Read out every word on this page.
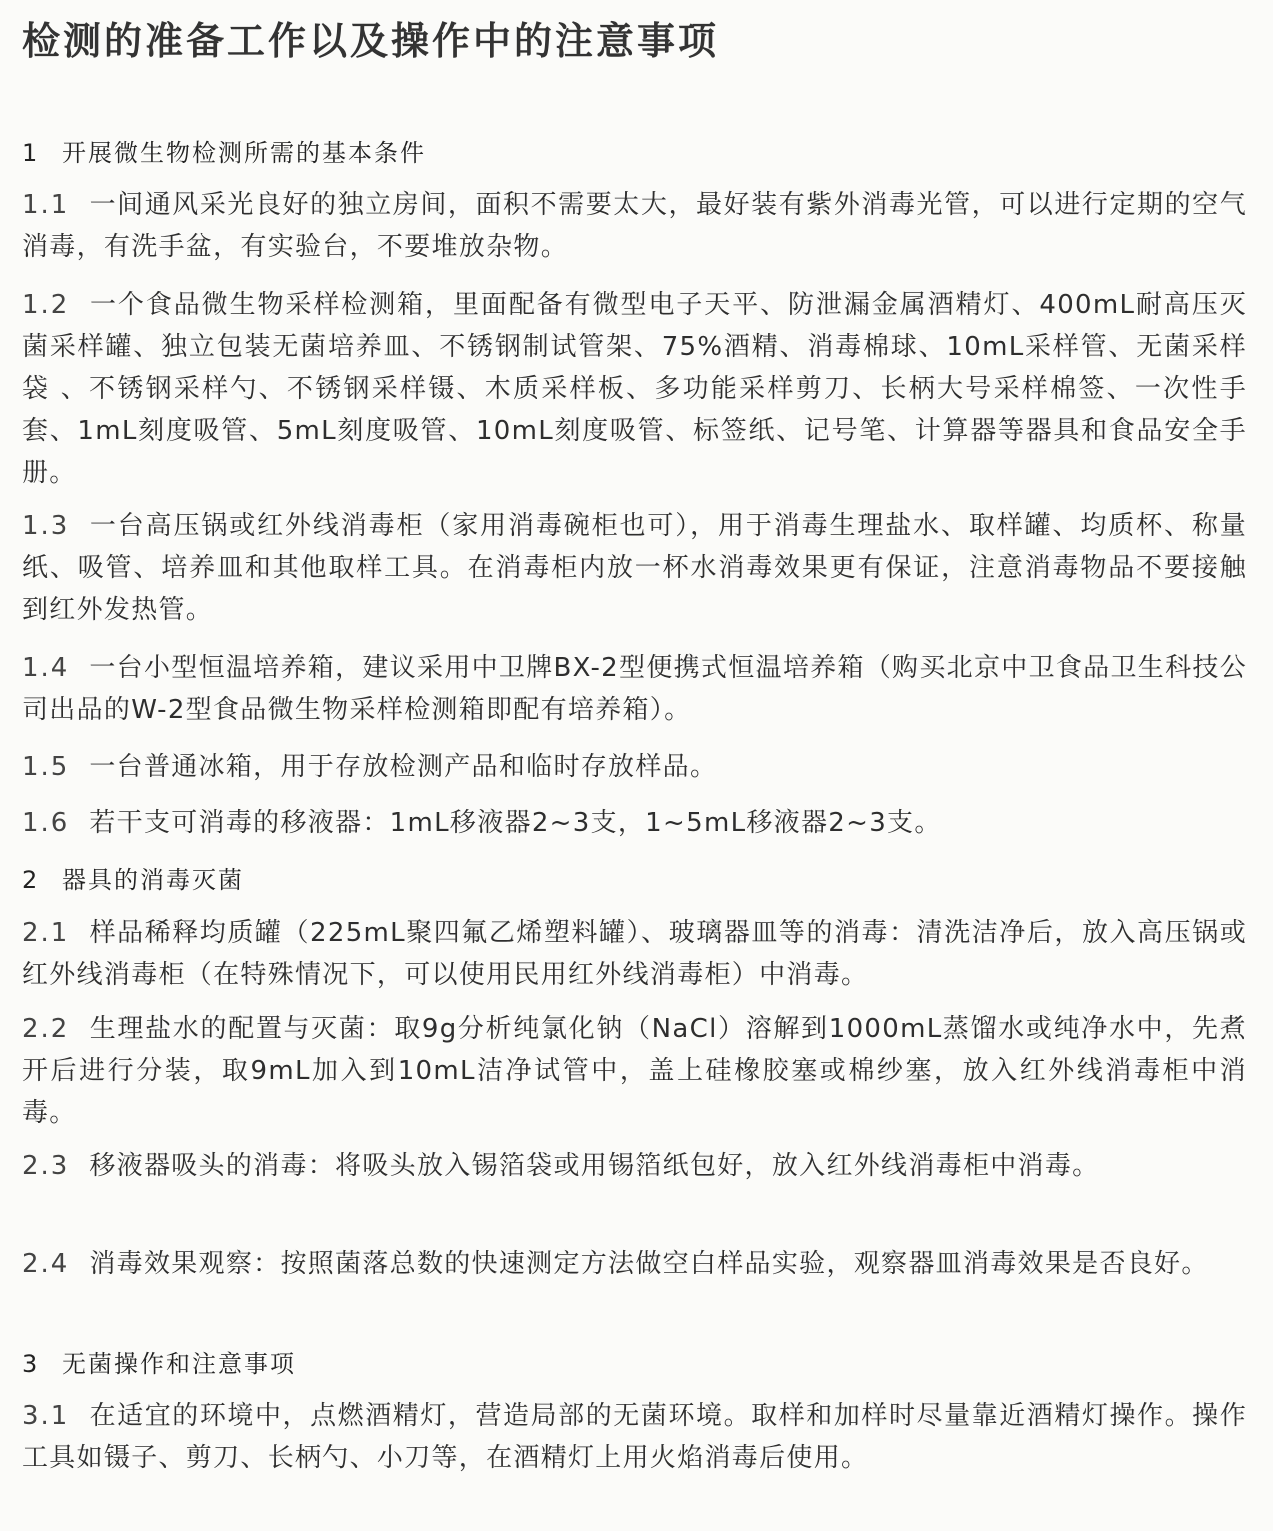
检测的准备工作以及操作中的注意事项
1 开展微生物检测所需的基本条件

1.1 一间通风采光良好的独立房间，面积不需要太大，最好装有紫外消毒光管，可以进行定期的空气消毒，有洗手盆，有实验台，不要堆放杂物。

1.2 一个食品微生物采样检测箱，里面配备有微型电子天平、防泄漏金属酒精灯、400mL耐高压灭菌采样罐、独立包装无菌培养皿、不锈钢制试管架、75%酒精、消毒棉球、10mL采样管、无菌采样袋 、不锈钢采样勺、不锈钢采样镊、木质采样板、多功能采样剪刀、长柄大号采样棉签、一次性手套、1mL刻度吸管、5mL刻度吸管、10mL刻度吸管、标签纸、记号笔、计算器等器具和食品安全手册。

1.3 一台高压锅或红外线消毒柜（家用消毒碗柜也可），用于消毒生理盐水、取样罐、均质杯、称量纸、吸管、培养皿和其他取样工具。在消毒柜内放一杯水消毒效果更有保证，注意消毒物品不要接触到红外发热管。

1.4 一台小型恒温培养箱，建议采用中卫牌BX-2型便携式恒温培养箱（购买北京中卫食品卫生科技公司出品的W-2型食品微生物采样检测箱即配有培养箱）。

1.5 一台普通冰箱，用于存放检测产品和临时存放样品。

1.6 若干支可消毒的移液器：1mL移液器2~3支，1~5mL移液器2~3支。

2 器具的消毒灭菌

2.1 样品稀释均质罐（225mL聚四氟乙烯塑料罐）、玻璃器皿等的消毒：清洗洁净后，放入高压锅或红外线消毒柜（在特殊情况下，可以使用民用红外线消毒柜）中消毒。

2.2 生理盐水的配置与灭菌：取9g分析纯氯化钠（NaCl）溶解到1000mL蒸馏水或纯净水中，先煮开后进行分装，取9mL加入到10mL洁净试管中，盖上硅橡胶塞或棉纱塞，放入红外线消毒柜中消毒。

2.3 移液器吸头的消毒：将吸头放入锡箔袋或用锡箔纸包好，放入红外线消毒柜中消毒。

2.4 消毒效果观察：按照菌落总数的快速测定方法做空白样品实验，观察器皿消毒效果是否良好。

3 无菌操作和注意事项

3.1 在适宜的环境中，点燃酒精灯，营造局部的无菌环境。取样和加样时尽量靠近酒精灯操作。操作工具如镊子、剪刀、长柄勺、小刀等，在酒精灯上用火焰消毒后使用。
